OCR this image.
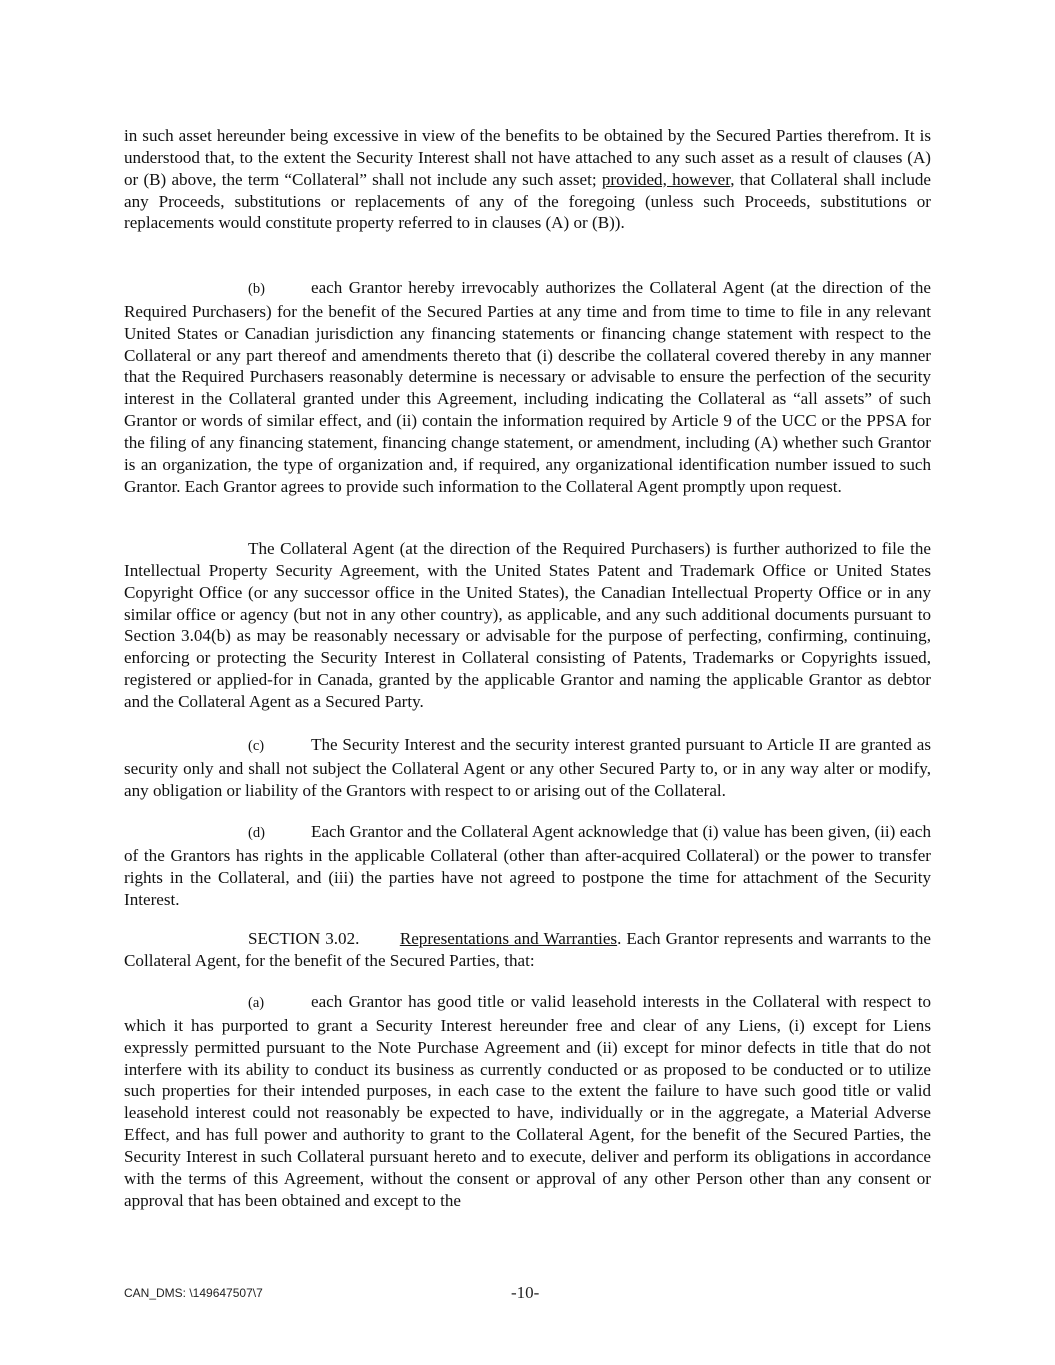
in such asset hereunder being excessive in view of the benefits to be obtained by the Secured Parties therefrom. It is understood that, to the extent the Security Interest shall not have attached to any such asset as a result of clauses (A) or (B) above, the term “Collateral” shall not include any such asset; provided, however, that Collateral shall include any Proceeds, substitutions or replacements of any of the foregoing (unless such Proceeds, substitutions or replacements would constitute property referred to in clauses (A) or (B)).

(b)	each Grantor hereby irrevocably authorizes the Collateral Agent (at the direction of the Required Purchasers) for the benefit of the Secured Parties at any time and from time to time to file in any relevant United States or Canadian jurisdiction any financing statements or financing change statement with respect to the Collateral or any part thereof and amendments thereto that (i) describe the collateral covered thereby in any manner that the Required Purchasers reasonably determine is necessary or advisable to ensure the perfection of the security interest in the Collateral granted under this Agreement, including indicating the Collateral as “all assets” of such Grantor or words of similar effect, and (ii) contain the information required by Article 9 of the UCC or the PPSA for the filing of any financing statement, financing change statement, or amendment, including (A) whether such Grantor is an organization, the type of organization and, if required, any organizational identification number issued to such Grantor. Each Grantor agrees to provide such information to the Collateral Agent promptly upon request.

The Collateral Agent (at the direction of the Required Purchasers) is further authorized to file the Intellectual Property Security Agreement, with the United States Patent and Trademark Office or United States Copyright Office (or any successor office in the United States), the Canadian Intellectual Property Office or in any similar office or agency (but not in any other country), as applicable, and any such additional documents pursuant to Section 3.04(b) as may be reasonably necessary or advisable for the purpose of perfecting, confirming, continuing, enforcing or protecting the Security Interest in Collateral consisting of Patents, Trademarks or Copyrights issued, registered or applied-for in Canada, granted by the applicable Grantor and naming the applicable Grantor as debtor and the Collateral Agent as a Secured Party.

(c)	The Security Interest and the security interest granted pursuant to Article II are granted as security only and shall not subject the Collateral Agent or any other Secured Party to, or in any way alter or modify, any obligation or liability of the Grantors with respect to or arising out of the Collateral.

(d)	Each Grantor and the Collateral Agent acknowledge that (i) value has been given, (ii) each of the Grantors has rights in the applicable Collateral (other than after-acquired Collateral) or the power to transfer rights in the Collateral, and (iii) the parties have not agreed to postpone the time for attachment of the Security Interest.

SECTION 3.02. Representations and Warranties. Each Grantor represents and warrants to the Collateral Agent, for the benefit of the Secured Parties, that:

(a)	each Grantor has good title or valid leasehold interests in the Collateral with respect to which it has purported to grant a Security Interest hereunder free and clear of any Liens, (i) except for Liens expressly permitted pursuant to the Note Purchase Agreement and (ii) except for minor defects in title that do not interfere with its ability to conduct its business as currently conducted or as proposed to be conducted or to utilize such properties for their intended purposes, in each case to the extent the failure to have such good title or valid leasehold interest could not reasonably be expected to have, individually or in the aggregate, a Material Adverse Effect, and has full power and authority to grant to the Collateral Agent, for the benefit of the Secured Parties, the Security Interest in such Collateral pursuant hereto and to execute, deliver and perform its obligations in accordance with the terms of this Agreement, without the consent or approval of any other Person other than any consent or approval that has been obtained and except to the

CAN_DMS: \149647507\7	-10-
